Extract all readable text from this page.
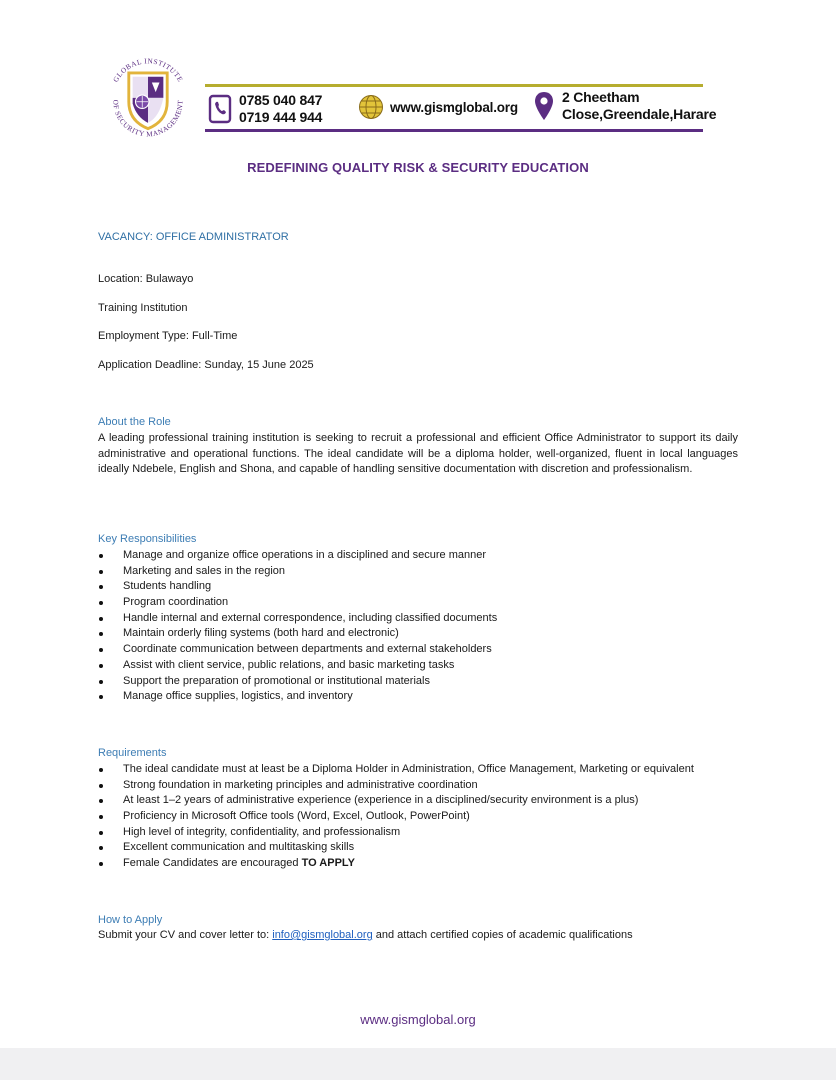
GLOBAL INSTITUTE
OF SECURITY MANAGEMENT	0785 040 847
0719 444 944
www.gismglobal.org
2 Cheetham
Close,Greendale,Harare
REDEFINING QUALITY RISK & SECURITY EDUCATION
VACANCY: OFFICE ADMINISTRATOR
Location: Bulawayo
Training Institution
Employment Type: Full-Time
Application Deadline: Sunday, 15 June 2025
About the Role
A leading professional training institution is seeking to recruit a professional and efficient Office Administrator to support its daily administrative and operational functions. The ideal candidate will be a diploma holder, well-organized, fluent in local languages ideally Ndebele, English and Shona, and capable of handling sensitive documentation with discretion and professionalism.
Key Responsibilities
Manage and organize office operations in a disciplined and secure manner
Marketing and sales in the region
Students handling
Program coordination
Handle internal and external correspondence, including classified documents
Maintain orderly filing systems (both hard and electronic)
Coordinate communication between departments and external stakeholders
Assist with client service, public relations, and basic marketing tasks
Support the preparation of promotional or institutional materials
Manage office supplies, logistics, and inventory
Requirements
The ideal candidate must at least be a Diploma Holder in Administration, Office Management, Marketing or equivalent
Strong foundation in marketing principles and administrative coordination
At least 1–2 years of administrative experience (experience in a disciplined/security environment is a plus)
Proficiency in Microsoft Office tools (Word, Excel, Outlook, PowerPoint)
High level of integrity, confidentiality, and professionalism
Excellent communication and multitasking skills
Female Candidates are encouraged TO APPLY
How to Apply
Submit your CV and cover letter to: info@gismglobal.org and attach certified copies of academic qualifications
www.gismglobal.org
